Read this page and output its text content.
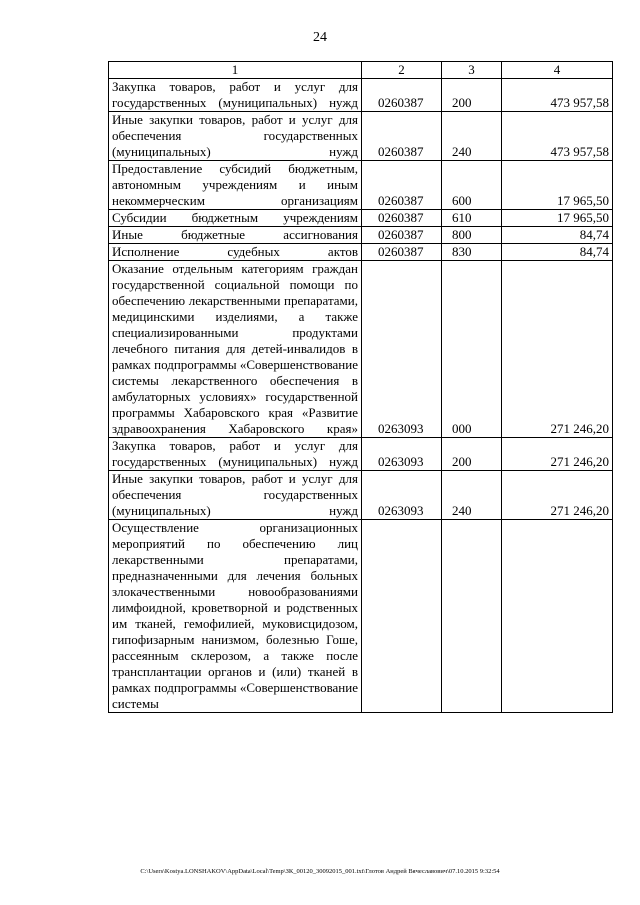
24
1	2	3	4
Закупка товаров, работ и услуг для государственных (муниципальных) нужд	0260387	200	473 957,58
Иные закупки товаров, работ и услуг для обеспечения государственных (муниципальных) нужд	0260387	240	473 957,58
Предоставление субсидий бюджетным, автономным учреждениям и иным некоммерческим организациям	0260387	600	17 965,50
Субсидии бюджетным учреждениям	0260387	610	17 965,50
Иные бюджетные ассигнования	0260387	800	84,74
Исполнение судебных актов	0260387	830	84,74
Оказание отдельным категориям граждан государственной социальной помощи по обеспечению лекарственными препаратами, медицинскими изделиями, а также специализированными продуктами лечебного питания для детей-инвалидов в рамках подпрограммы «Совершенствование системы лекарственного обеспечения в амбулаторных условиях» государственной программы Хабаровского края «Развитие здравоохранения Хабаровского края»	0263093	000	271 246,20
Закупка товаров, работ и услуг для государственных (муниципальных) нужд	0263093	200	271 246,20
Иные закупки товаров, работ и услуг для обеспечения государственных (муниципальных) нужд	0263093	240	271 246,20
Осуществление организационных мероприятий по обеспечению лиц лекарственными препаратами, предназначенными для лечения больных злокачественными новообразованиями лимфоидной, кроветворной и родственных им тканей, гемофилией, муковисцидозом, гипофизарным нанизмом, болезнью Гоше, рассеянным склерозом, а также после трансплантации органов и (или) тканей в рамках подпрограммы «Совершенствование системы			
C:\Users\Kostya.LONSHAKOV\AppData\Local\Temp\ЗК_00120_30092015_001.txt\Глотов Андрей Вячеславович\07.10.2015 9:32:54
